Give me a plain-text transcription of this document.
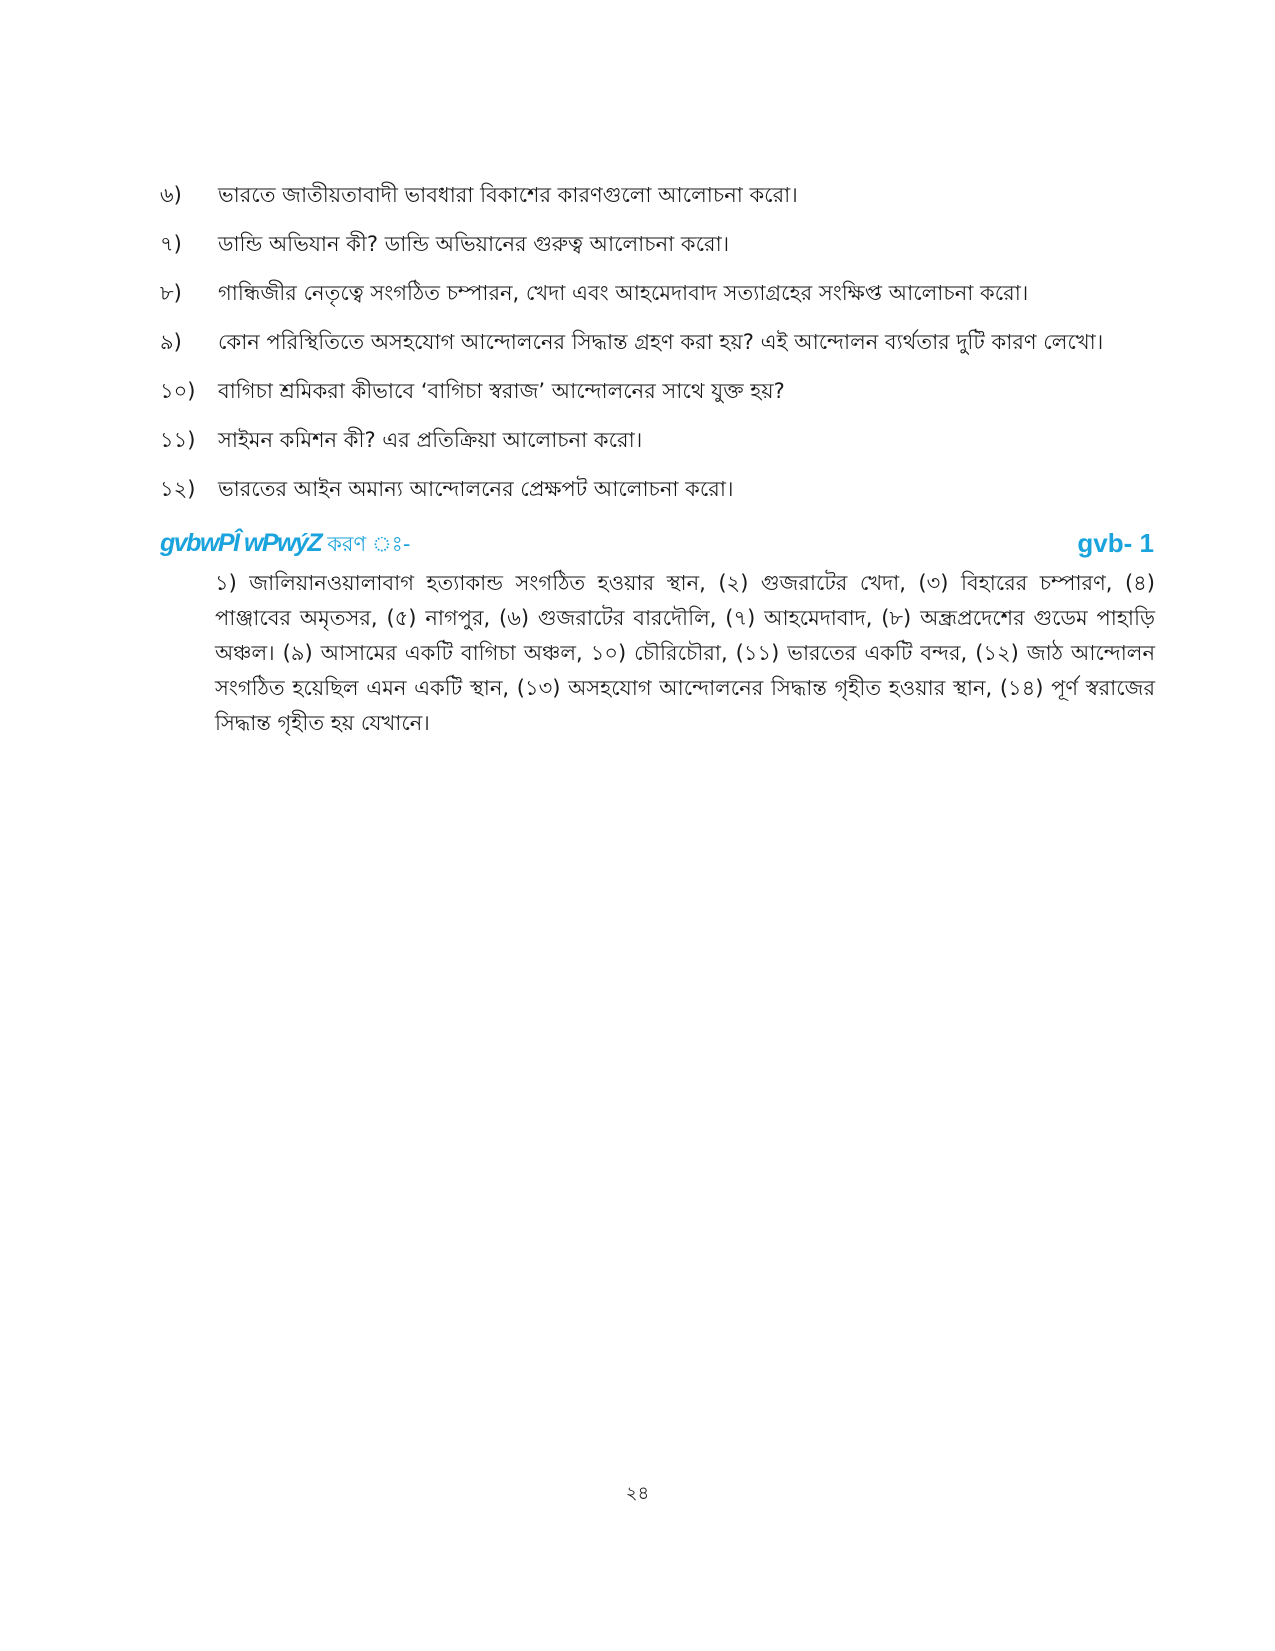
৬)	ভারতে জাতীয়তাবাদী ভাবধারা বিকাশের কারণগুলো আলোচনা করো।
৭)	ডান্ডি অভিযান কী? ডান্ডি অভিয়ানের গুরুত্ব আলোচনা করো।
৮)	গান্ধিজীর নেতৃত্বে সংগঠিত চম্পারন, খেদা এবং আহমেদাবাদ সত্যাগ্রহের সংক্ষিপ্ত আলোচনা করো।
৯)	কোন পরিস্থিতিতে অসহযোগ আন্দোলনের সিদ্ধান্ত গ্রহণ করা হয়? এই আন্দোলন ব্যর্থতার দুটি কারণ লেখো।
১০)	বাগিচা শ্রমিকরা কীভাবে ‘বাগিচা স্বরাজ’ আন্দোলনের সাথে যুক্ত হয়?
১১)	সাইমন কমিশন কী? এর প্রতিক্রিয়া আলোচনা করো।
১২)	ভারতের আইন অমান্য আন্দোলনের প্রেক্ষপট আলোচনা করো।
gvbwPÎ wPwýZ করণ ঃ-	gvb- 1

১) জালিয়ানওয়ালাবাগ হত্যাকান্ড সংগঠিত হওয়ার স্থান, (২) গুজরাটের খেদা, (৩) বিহারের চম্পারণ, (৪) পাঞ্জাবের অমৃতসর, (৫) নাগপুর, (৬) গুজরাটের বারদৌলি, (৭) আহমেদাবাদ, (৮) অন্ধ্রপ্রদেশের গুডেম পাহাড়ি অঞ্চল। (৯) আসামের একটি বাগিচা অঞ্চল, ১০) চৌরিচৌরা, (১১) ভারতের একটি বন্দর, (১২) জাঠ আন্দোলন সংগঠিত হয়েছিল এমন একটি স্থান, (১৩) অসহযোগ আন্দোলনের সিদ্ধান্ত গৃহীত হওয়ার স্থান, (১৪) পূর্ণ স্বরাজের সিদ্ধান্ত গৃহীত হয় যেখানে।

২৪
